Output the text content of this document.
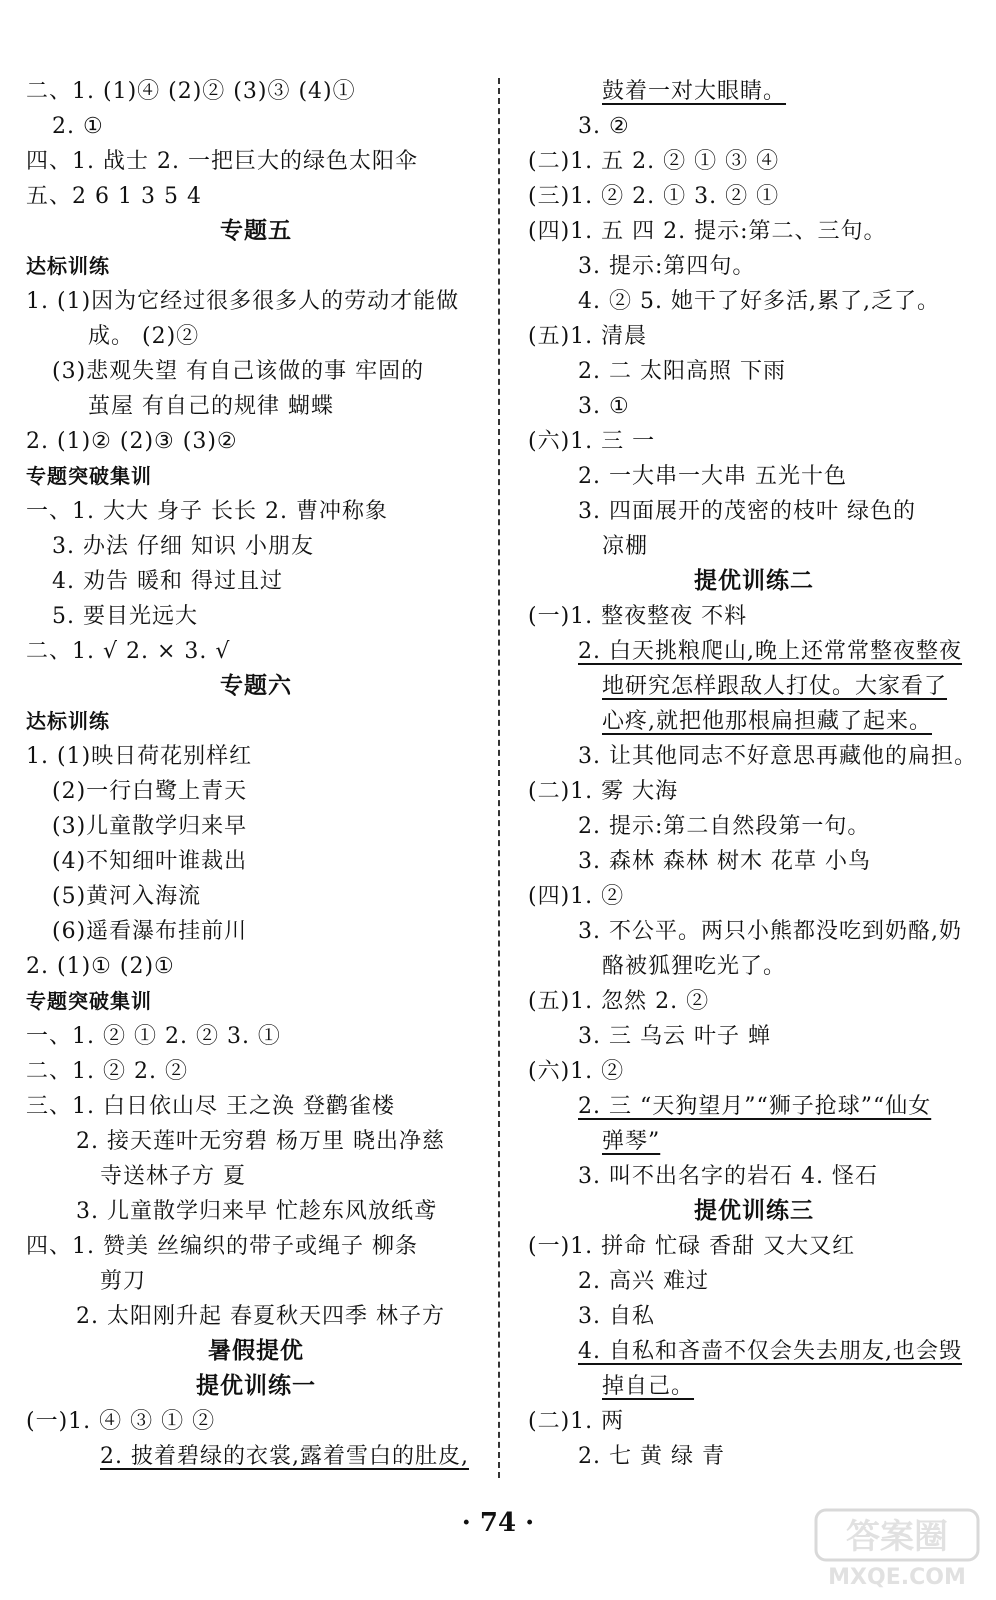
二、1. (1)④ (2)② (3)③ (4)①
2. ①
四、1. 战士 2. 一把巨大的绿色太阳伞
五、2 6 1 3 5 4
专题五
达标训练
1. (1)因为它经过很多很多人的劳动才能做
成。 (2)②
(3)悲观失望 有自己该做的事 牢固的
茧屋 有自己的规律 蝴蝶
2. (1)② (2)③ (3)②
专题突破集训
一、1. 大大 身子 长长 2. 曹冲称象
3. 办法 仔细 知识 小朋友
4. 劝告 暖和 得过且过
5. 要目光远大
二、1. √ 2. × 3. √
专题六
达标训练
1. (1)映日荷花别样红
(2)一行白鹭上青天
(3)儿童散学归来早
(4)不知细叶谁裁出
(5)黄河入海流
(6)遥看瀑布挂前川
2. (1)① (2)①
专题突破集训
一、1. ② ① 2. ② 3. ①
二、1. ② 2. ②
三、1. 白日依山尽 王之涣 登鹳雀楼
2. 接天莲叶无穷碧 杨万里 晓出净慈
寺送林子方 夏
3. 儿童散学归来早 忙趁东风放纸鸢
四、1. 赞美 丝编织的带子或绳子 柳条
剪刀
2. 太阳刚升起 春夏秋天四季 林子方
暑假提优
提优训练一
(一)1. ④ ③ ① ②
2. 披着碧绿的衣裳,露着雪白的肚皮,
鼓着一对大眼睛。
3. ②
(二)1. 五 2. ② ① ③ ④
(三)1. ② 2. ① 3. ② ①
(四)1. 五 四 2. 提示:第二、三句。
3. 提示:第四句。
4. ② 5. 她干了好多活,累了,乏了。
(五)1. 清晨
2. 二 太阳高照 下雨
3. ①
(六)1. 三 一
2. 一大串一大串 五光十色
3. 四面展开的茂密的枝叶 绿色的
凉棚
提优训练二
(一)1. 整夜整夜 不料
2. 白天挑粮爬山,晚上还常常整夜整夜
地研究怎样跟敌人打仗。大家看了
心疼,就把他那根扁担藏了起来。
3. 让其他同志不好意思再藏他的扁担。
(二)1. 雾 大海
2. 提示:第二自然段第一句。
3. 森林 森林 树木 花草 小鸟
(四)1. ②
3. 不公平。两只小熊都没吃到奶酪,奶
酪被狐狸吃光了。
(五)1. 忽然 2. ②
3. 三 乌云 叶子 蝉
(六)1. ②
2. 三 “天狗望月”“狮子抢球”“仙女
弹琴”
3. 叫不出名字的岩石 4. 怪石
提优训练三
(一)1. 拼命 忙碌 香甜 又大又红
2. 高兴 难过
3. 自私
4. 自私和吝啬不仅会失去朋友,也会毁
掉自己。
(二)1. 两
2. 七 黄 绿 青
· 74 ·	答案圈
MXQE.COM
